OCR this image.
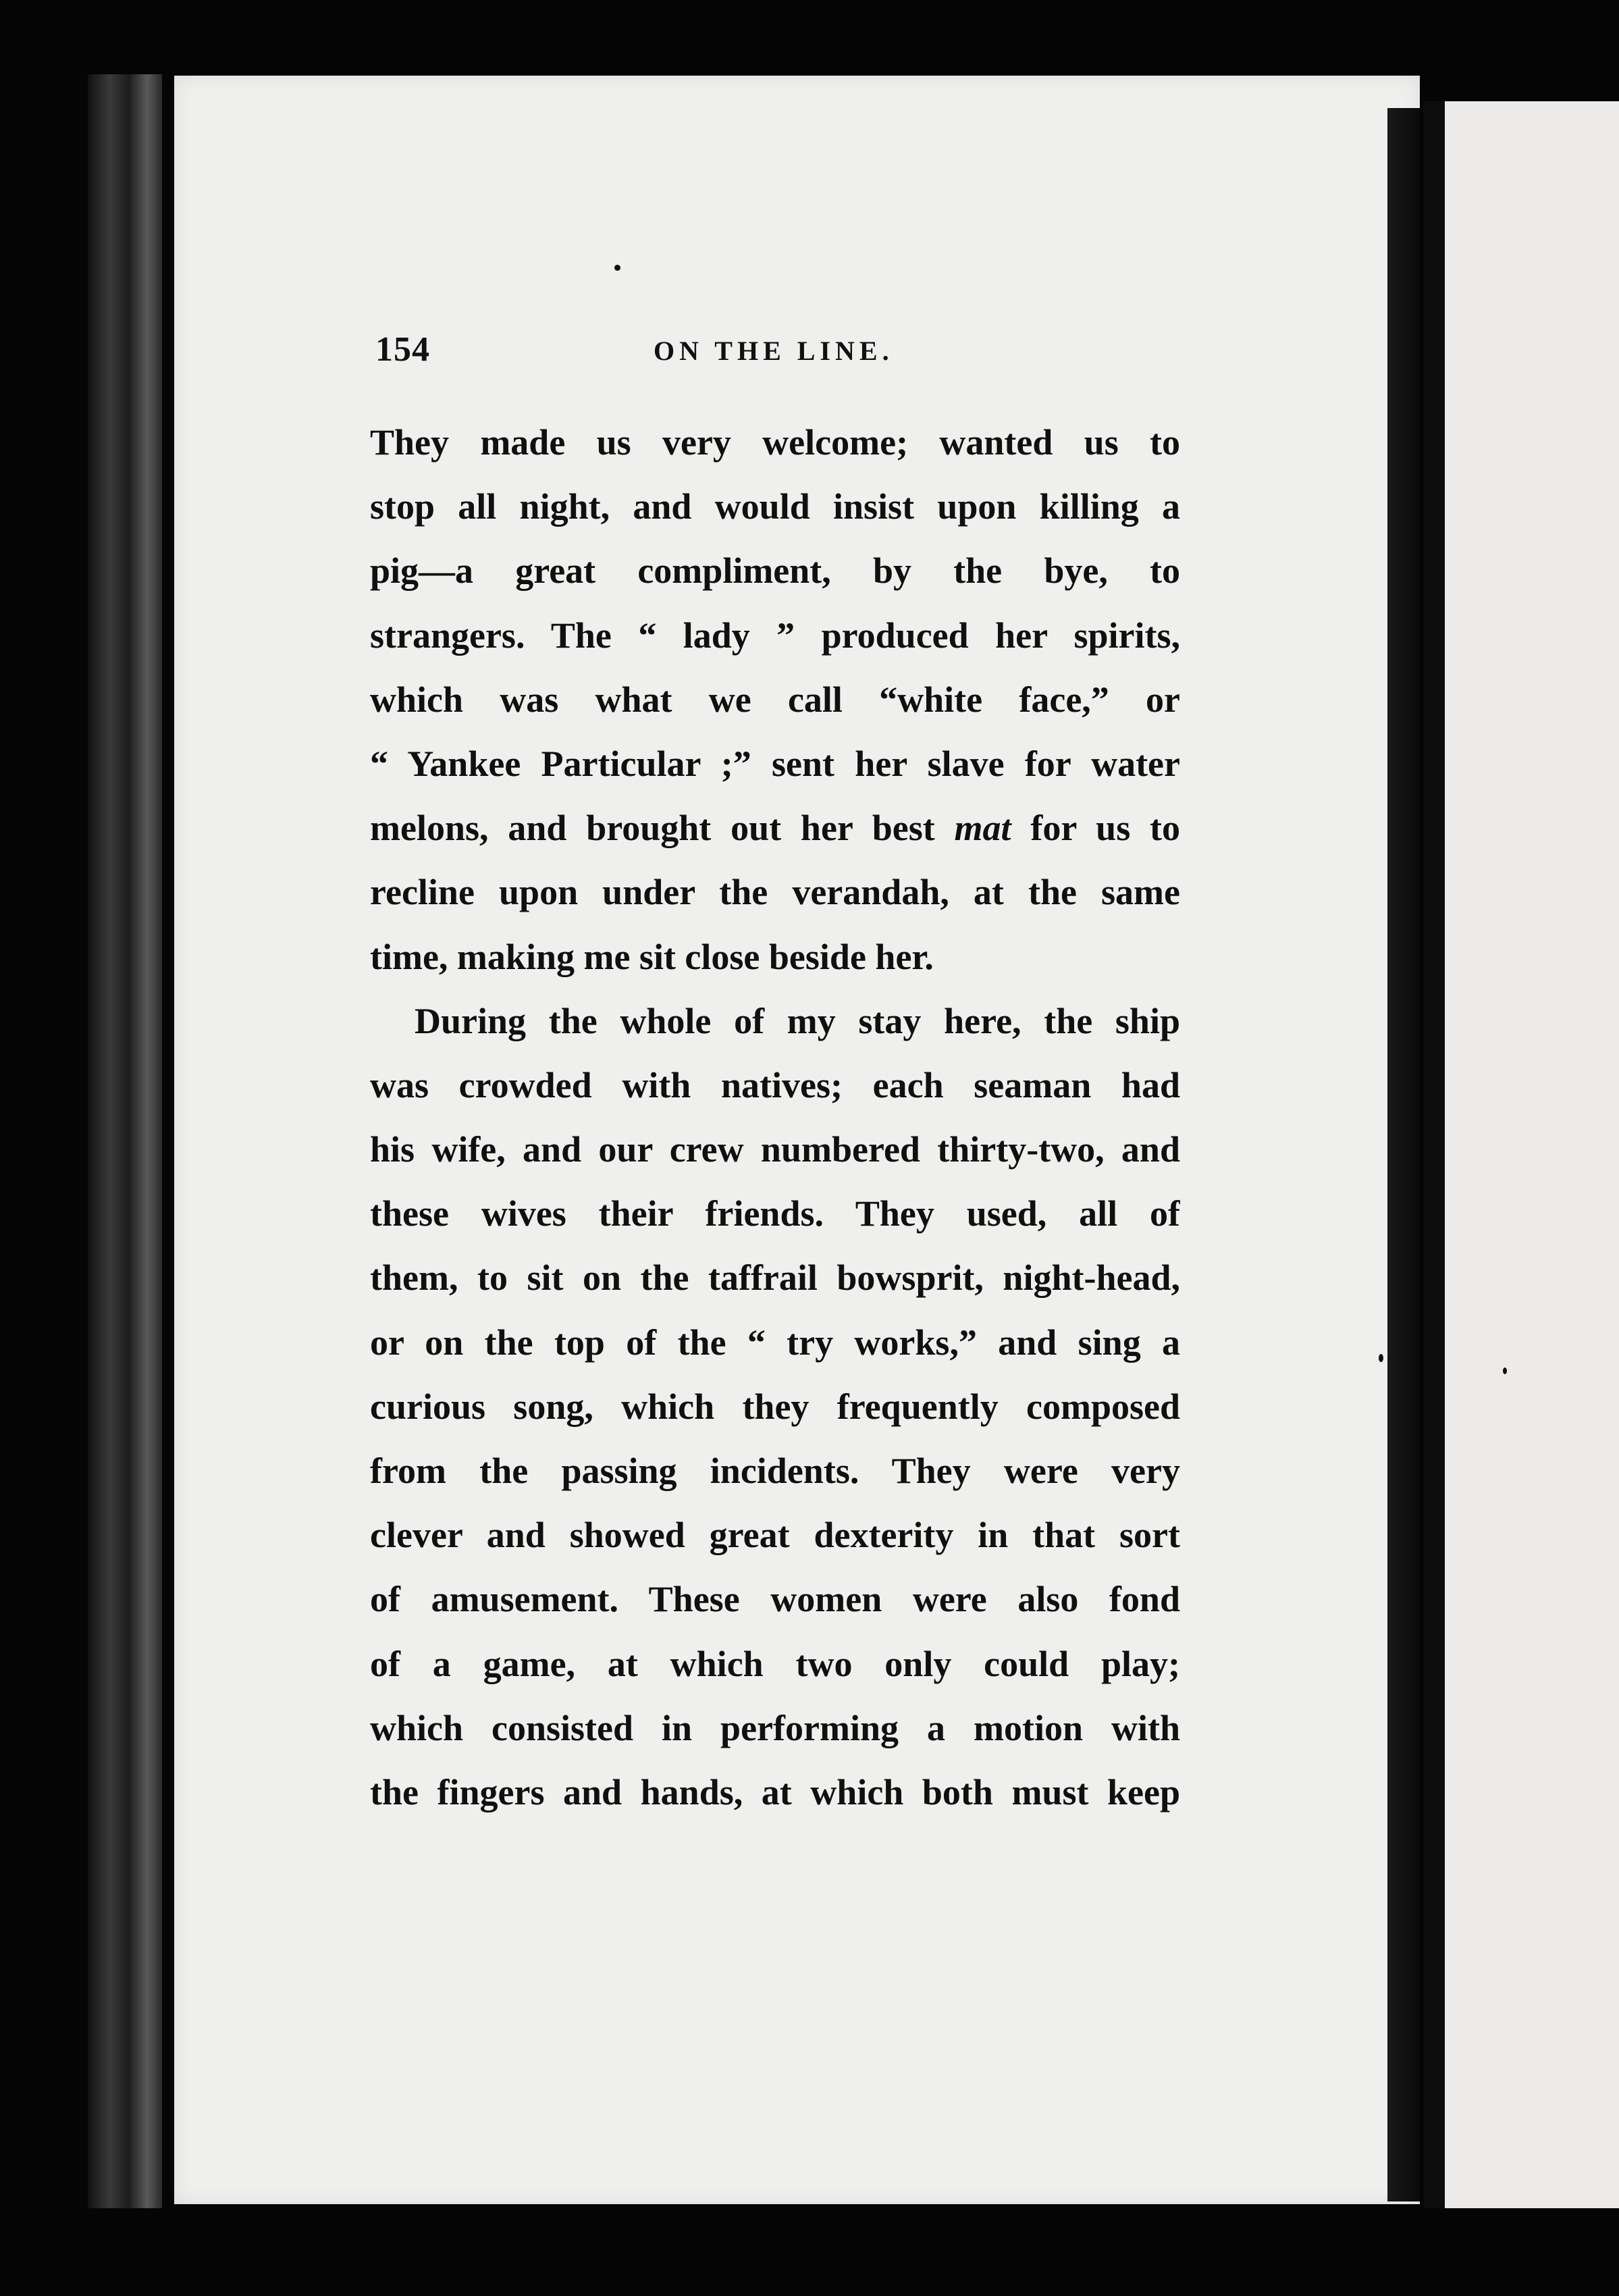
154	ON THE LINE.
They made us very welcome; wanted us to
stop all night, and would insist upon killing a
pig—a great compliment, by the bye, to
strangers. The “ lady ” produced her spirits,
which was what we call “white face,” or
“ Yankee Particular ;” sent her slave for water
melons, and brought out her best mat for us to
recline upon under the verandah, at the same
time, making me sit close beside her.
During the whole of my stay here, the ship
was crowded with natives; each seaman had
his wife, and our crew numbered thirty-two, and
these wives their friends. They used, all of
them, to sit on the taffrail bowsprit, night-head,
or on the top of the “ try works,” and sing a
curious song, which they frequently composed
from the passing incidents. They were very
clever and showed great dexterity in that sort
of amusement. These women were also fond
of a game, at which two only could play;
which consisted in performing a motion with
the fingers and hands, at which both must keep
